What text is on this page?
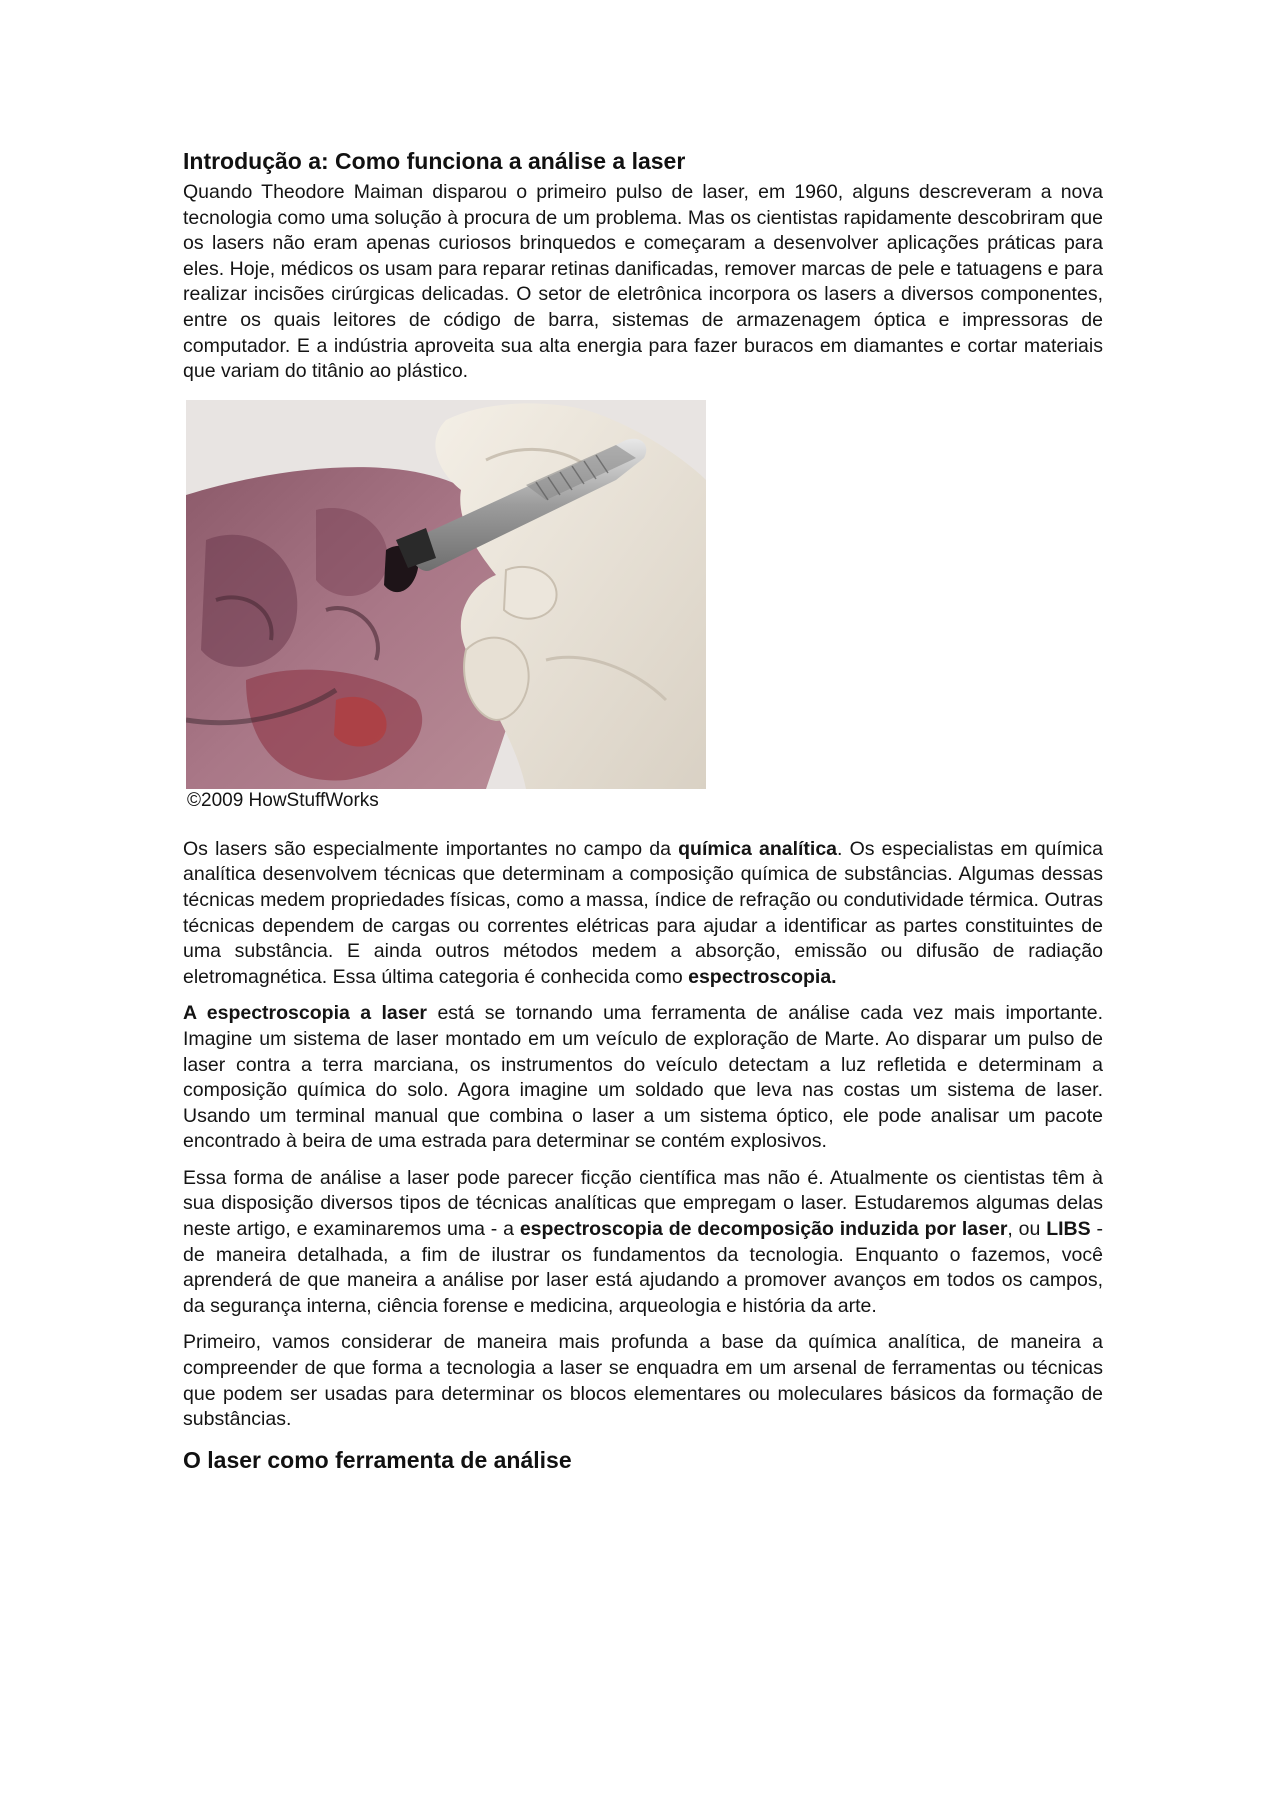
Introdução a: Como funciona a análise a laser

Quando Theodore Maiman disparou o primeiro pulso de laser, em 1960, alguns descreveram a nova tecnologia como uma solução à procura de um problema. Mas os cientistas rapidamente descobriram que os lasers não eram apenas curiosos brinquedos e começaram a desenvolver aplicações práticas para eles. Hoje, médicos os usam para reparar retinas danificadas, remover marcas de pele e tatuagens e para realizar incisões cirúrgicas delicadas. O setor de eletrônica incorpora os lasers a diversos componentes, entre os quais leitores de código de barra, sistemas de armazenagem óptica e impressoras de computador. E a indústria aproveita sua alta energia para fazer buracos em diamantes e cortar materiais que variam do titânio ao plástico.

©2009 HowStuffWorks

Os lasers são especialmente importantes no campo da química analítica. Os especialistas em química analítica desenvolvem técnicas que determinam a composição química de substâncias. Algumas dessas técnicas medem propriedades físicas, como a massa, índice de refração ou condutividade térmica. Outras técnicas dependem de cargas ou correntes elétricas para ajudar a identificar as partes constituintes de uma substância. E ainda outros métodos medem a absorção, emissão ou difusão de radiação eletromagnética. Essa última categoria é conhecida como espectroscopia.

A espectroscopia a laser está se tornando uma ferramenta de análise cada vez mais importante. Imagine um sistema de laser montado em um veículo de exploração de Marte. Ao disparar um pulso de laser contra a terra marciana, os instrumentos do veículo detectam a luz refletida e determinam a composição química do solo. Agora imagine um soldado que leva nas costas um sistema de laser. Usando um terminal manual que combina o laser a um sistema óptico, ele pode analisar um pacote encontrado à beira de uma estrada para determinar se contém explosivos.

Essa forma de análise a laser pode parecer ficção científica mas não é. Atualmente os cientistas têm à sua disposição diversos tipos de técnicas analíticas que empregam o laser. Estudaremos algumas delas neste artigo, e examinaremos uma - a espectroscopia de decomposição induzida por laser, ou LIBS - de maneira detalhada, a fim de ilustrar os fundamentos da tecnologia. Enquanto o fazemos, você aprenderá de que maneira a análise por laser está ajudando a promover avanços em todos os campos, da segurança interna, ciência forense e medicina, arqueologia e história da arte.

Primeiro, vamos considerar de maneira mais profunda a base da química analítica, de maneira a compreender de que forma a tecnologia a laser se enquadra em um arsenal de ferramentas ou técnicas que podem ser usadas para determinar os blocos elementares ou moleculares básicos da formação de substâncias.

O laser como ferramenta de análise
